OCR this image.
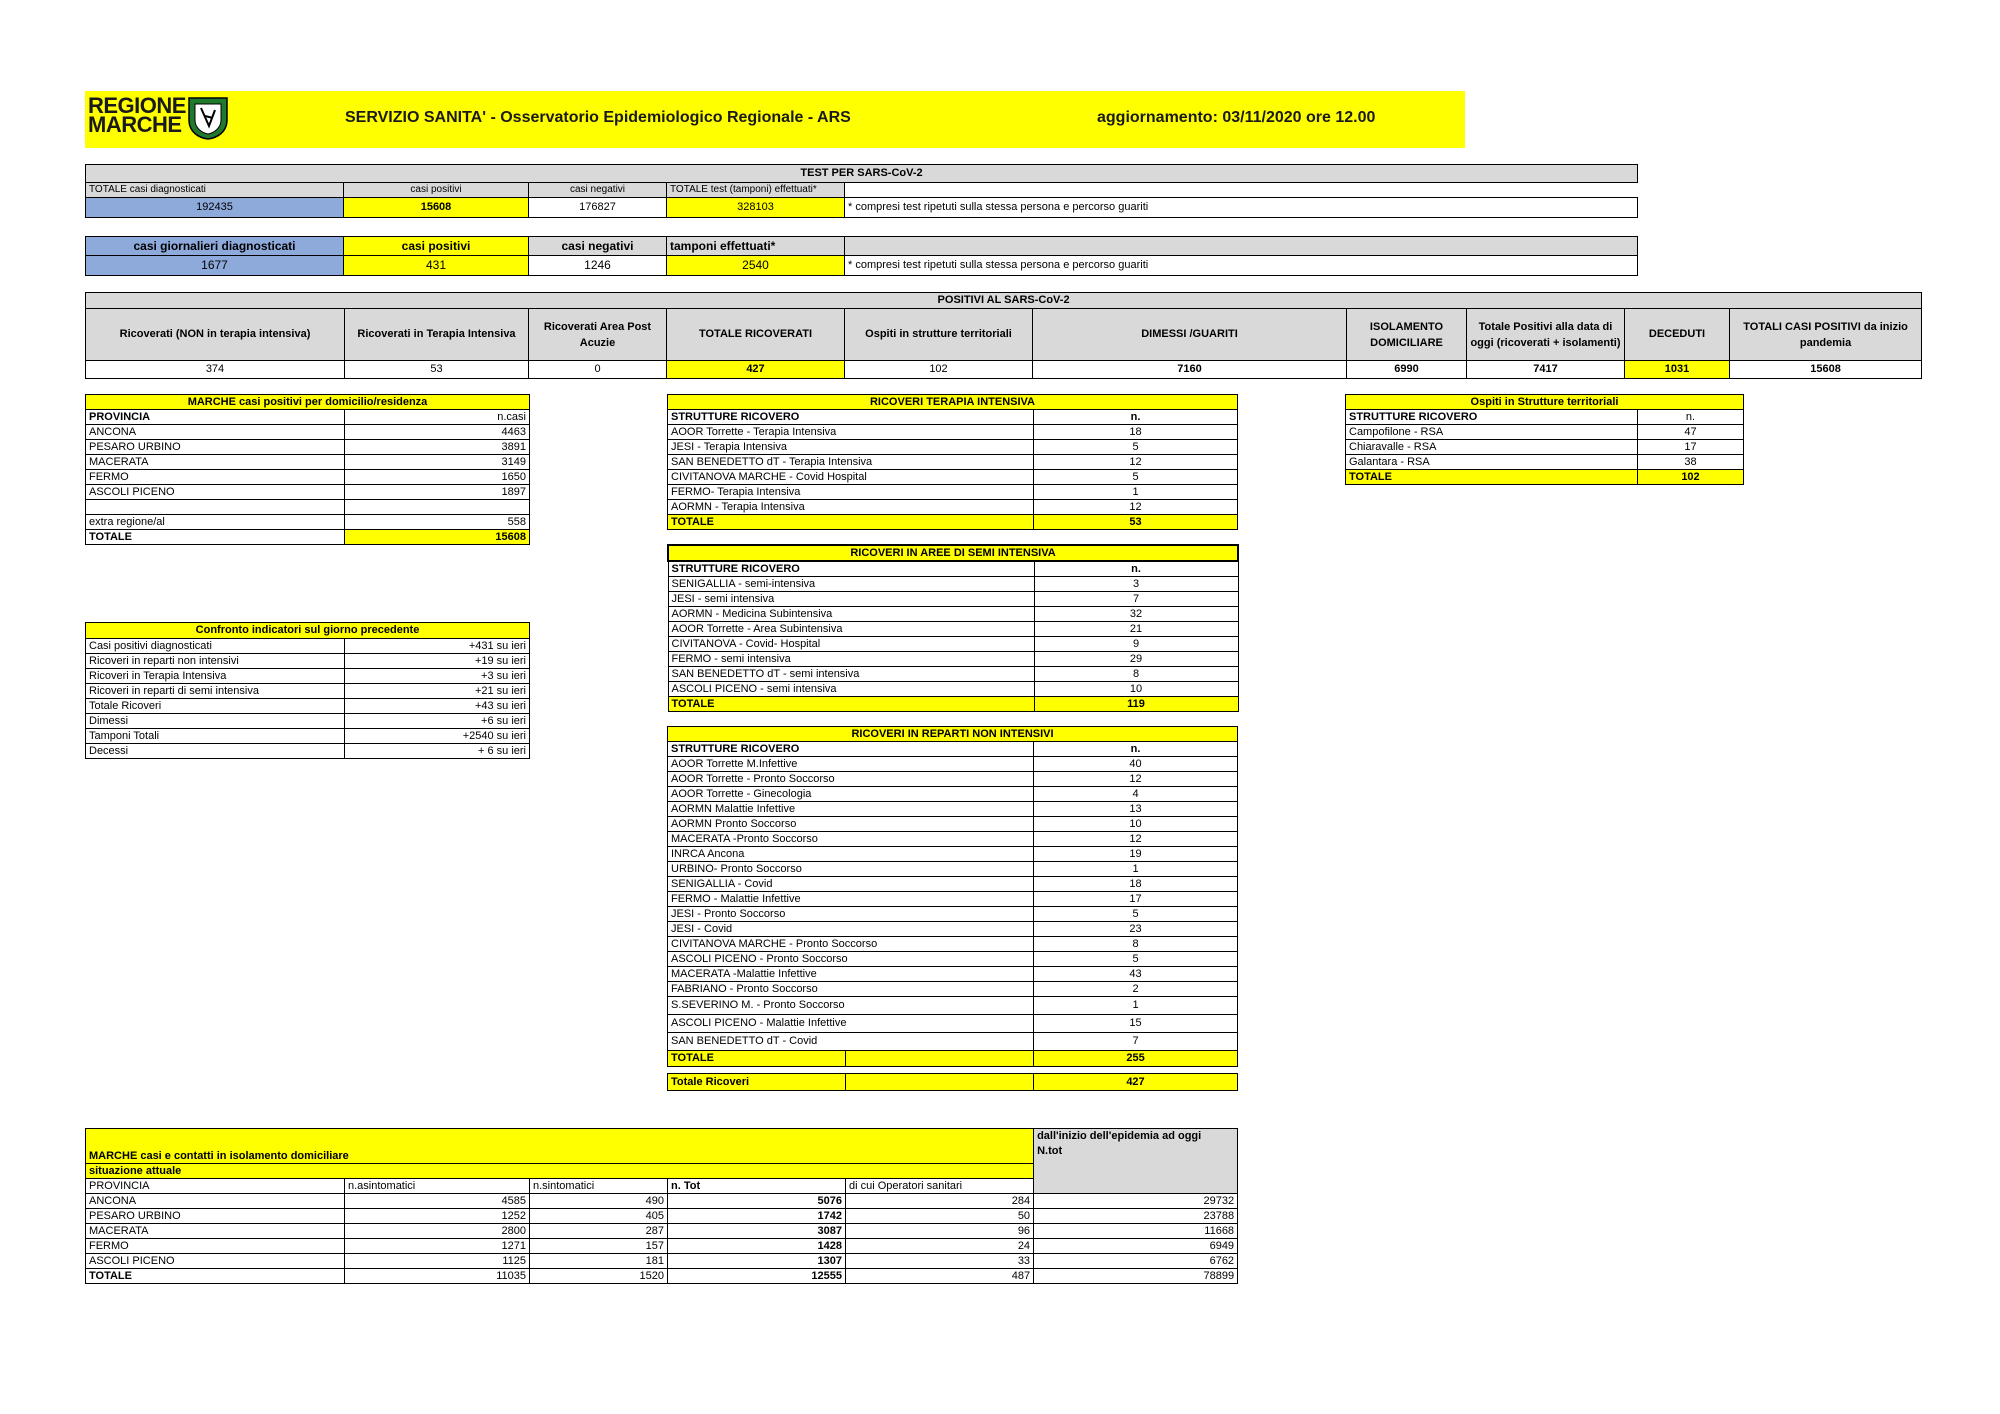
REGIONE
MARCHE	SERVIZIO SANITA' - Osservatorio Epidemiologico Regionale - ARS	aggiornamento: 03/11/2020 ore 12.00
TEST PER SARS-CoV-2				
TOTALE casi diagnosticati	casi positivi	casi negativi	TOTALE test (tamponi) effettuati*	
192435	15608	176827	328103	* compresi test ripetuti sulla stessa persona e percorso guariti
casi giornalieri diagnosticati	casi positivi	casi negativi	tamponi effettuati*	
1677	431	1246	2540	* compresi test ripetuti sulla stessa persona e percorso guariti
POSITIVI AL SARS-CoV-2									
Ricoverati (NON in terapia intensiva)	Ricoverati in Terapia Intensiva	Ricoverati Area Post Acuzie	TOTALE RICOVERATI	Ospiti in strutture territoriali	DIMESSI /GUARITI	ISOLAMENTO DOMICILIARE	Totale Positivi alla data di oggi (ricoverati + isolamenti)	DECEDUTI	TOTALI CASI POSITIVI da inizio pandemia
374	53	0	427	102	7160	6990	7417	1031	15608
MARCHE casi positivi per domicilio/residenza	
PROVINCIA	n.casi
ANCONA	4463
PESARO URBINO	3891
MACERATA	3149
FERMO	1650
ASCOLI PICENO	1897

extra regione/al	558
TOTALE	15608
Confronto indicatori sul giorno precedente	
Casi positivi diagnosticati	+431 su ieri
Ricoveri in reparti non intensivi	+19 su ieri
Ricoveri in Terapia Intensiva	+3 su ieri
Ricoveri in reparti di semi intensiva	+21 su ieri
Totale Ricoveri	+43 su ieri
Dimessi	+6 su ieri
Tamponi Totali	+2540 su ieri
Decessi	+ 6 su ieri
RICOVERI TERAPIA INTENSIVA	
STRUTTURE RICOVERO	n.
AOOR Torrette - Terapia Intensiva	18
JESI - Terapia Intensiva	5
SAN BENEDETTO dT - Terapia Intensiva	12
CIVITANOVA MARCHE - Covid Hospital	5
FERMO- Terapia Intensiva	1
AORMN - Terapia Intensiva	12
TOTALE	53
RICOVERI IN AREE DI SEMI INTENSIVA	
STRUTTURE RICOVERO	n.
SENIGALLIA - semi-intensiva	3
JESI - semi intensiva	7
AORMN - Medicina Subintensiva	32
AOOR Torrette - Area Subintensiva	21
CIVITANOVA - Covid- Hospital	9
FERMO - semi intensiva	29
SAN BENEDETTO dT - semi intensiva	8
ASCOLI PICENO - semi intensiva	10
TOTALE	119
RICOVERI IN REPARTI NON INTENSIVI		
STRUTTURE RICOVERO		n.
AOOR Torrette M.Infettive		40
AOOR Torrette - Pronto Soccorso		12
AOOR Torrette - Ginecologia		4
AORMN Malattie Infettive		13
AORMN Pronto Soccorso		10
MACERATA -Pronto Soccorso		12
INRCA Ancona		19
URBINO- Pronto Soccorso		1
SENIGALLIA - Covid		18
FERMO - Malattie Infettive		17
JESI - Pronto Soccorso		5
JESI - Covid		23
CIVITANOVA MARCHE - Pronto Soccorso		8
ASCOLI PICENO - Pronto Soccorso		5
MACERATA -Malattie Infettive		43
FABRIANO - Pronto Soccorso		2
S.SEVERINO M. - Pronto Soccorso		1
ASCOLI PICENO - Malattie Infettive		15
SAN BENEDETTO dT - Covid		7
TOTALE		255
Totale Ricoveri		427
Ospiti in Strutture territoriali	
STRUTTURE RICOVERO	n.
Campofilone - RSA	47
Chiaravalle - RSA	17
Galantara - RSA	38
TOTALE	102
MARCHE casi e contatti in isolamento domiciliare					dall'inizio dell'epidemia ad oggi
N.tot

situazione attuale					
PROVINCIA	n.asintomatici	n.sintomatici	n. Tot	di cui Operatori sanitari	
ANCONA	4585	490	5076	284	29732
PESARO URBINO	1252	405	1742	50	23788
MACERATA	2800	287	3087	96	11668
FERMO	1271	157	1428	24	6949
ASCOLI PICENO	1125	181	1307	33	6762
TOTALE	11035	1520	12555	487	78899
